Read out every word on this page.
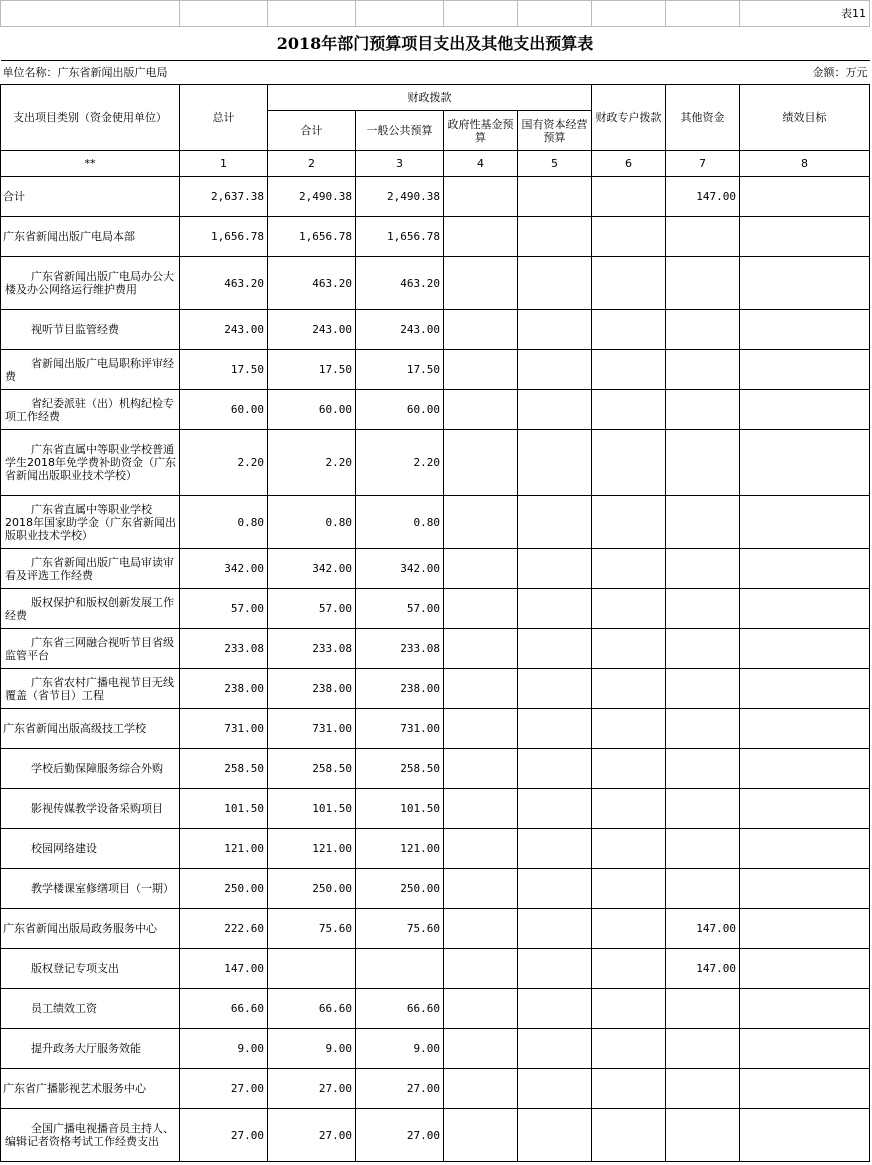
								表11
2018年部门预算项目支出及其他支出预算表								
单位名称：广东省新闻出版广电局								金额：万元
支出项目类别（资金使用单位）	总计	财政拨款				财政专户拨款	其他资金	绩效目标
		合计	一般公共预算	政府性基金预算	国有资本经营预算			
**	1	2	3	4	5	6	7	8
合计	2,637.38	2,490.38	2,490.38				147.00	
广东省新闻出版广电局本部	1,656.78	1,656.78	1,656.78					
广东省新闻出版广电局办公大楼及办公网络运行维护费用	463.20	463.20	463.20					
视听节目监管经费	243.00	243.00	243.00					
省新闻出版广电局职称评审经费	17.50	17.50	17.50					
省纪委派驻（出）机构纪检专项工作经费	60.00	60.00	60.00					
广东省直属中等职业学校普通学生2018年免学费补助资金（广东省新闻出版职业技术学校）	2.20	2.20	2.20					
广东省直属中等职业学校2018年国家助学金（广东省新闻出版职业技术学校）	0.80	0.80	0.80					
广东省新闻出版广电局审读审看及评选工作经费	342.00	342.00	342.00					
版权保护和版权创新发展工作经费	57.00	57.00	57.00					
广东省三网融合视听节目省级监管平台	233.08	233.08	233.08					
广东省农村广播电视节目无线覆盖（省节目）工程	238.00	238.00	238.00					
广东省新闻出版高级技工学校	731.00	731.00	731.00					
学校后勤保障服务综合外购	258.50	258.50	258.50					
影视传媒教学设备采购项目	101.50	101.50	101.50					
校园网络建设	121.00	121.00	121.00					
教学楼课室修缮项目（一期）	250.00	250.00	250.00					
广东省新闻出版局政务服务中心	222.60	75.60	75.60				147.00	
版权登记专项支出	147.00						147.00	
员工绩效工资	66.60	66.60	66.60					
提升政务大厅服务效能	9.00	9.00	9.00					
广东省广播影视艺术服务中心	27.00	27.00	27.00					
全国广播电视播音员主持人、编辑记者资格考试工作经费支出	27.00	27.00	27.00					
